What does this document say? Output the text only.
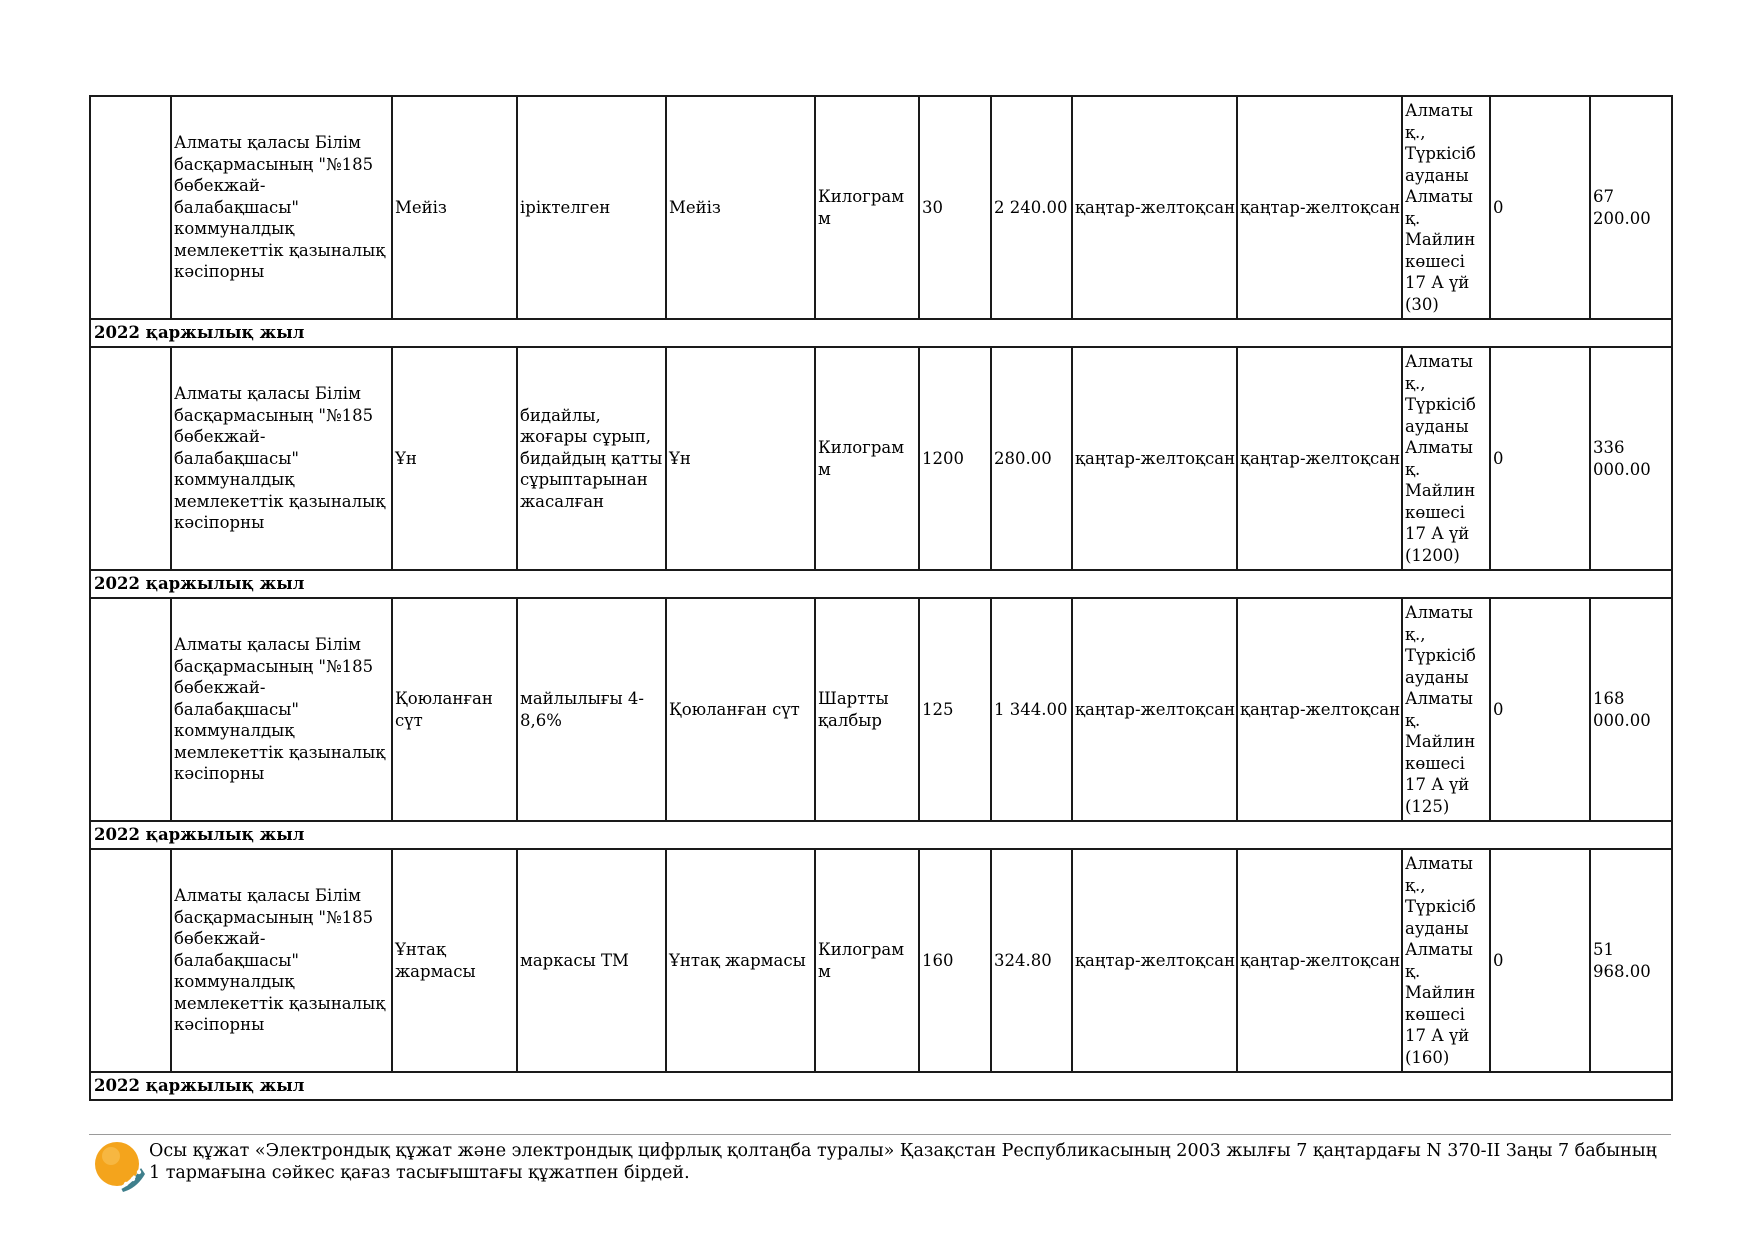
	Алматы қаласы Білім басқармасының "№185 бөбекжай-балабақшасы" коммуналдық мемлекеттік қазыналық кәсіпорны	Мейіз	іріктелген	Мейіз	Килограмм	30	2 240.00	қаңтар-желтоқсан	қаңтар-желтоқсан	Алматы қ., Түркісіб ауданы Алматы қ. Майлин көшесі 17 А үй (30)	0	67 200.00
2022 қаржылық жыл												
	Алматы қаласы Білім басқармасының "№185 бөбекжай-балабақшасы" коммуналдық мемлекеттік қазыналық кәсіпорны	Ұн	бидайлы, жоғары сұрып, бидайдың қатты сұрыптарынан жасалған	Ұн	Килограмм	1200	280.00	қаңтар-желтоқсан	қаңтар-желтоқсан	Алматы қ., Түркісіб ауданы Алматы қ. Майлин көшесі 17 А үй (1200)	0	336 000.00
2022 қаржылық жыл												
	Алматы қаласы Білім басқармасының "№185 бөбекжай-балабақшасы" коммуналдық мемлекеттік қазыналық кәсіпорны	Қоюланған сүт	майлылығы 4-8,6%	Қоюланған сүт	Шартты қалбыр	125	1 344.00	қаңтар-желтоқсан	қаңтар-желтоқсан	Алматы қ., Түркісіб ауданы Алматы қ. Майлин көшесі 17 А үй (125)	0	168 000.00
2022 қаржылық жыл												
	Алматы қаласы Білім басқармасының "№185 бөбекжай-балабақшасы" коммуналдық мемлекеттік қазыналық кәсіпорны	Ұнтақ жармасы	маркасы ТМ	Ұнтақ жармасы	Килограмм	160	324.80	қаңтар-желтоқсан	қаңтар-желтоқсан	Алматы қ., Түркісіб ауданы Алматы қ. Майлин көшесі 17 А үй (160)	0	51 968.00
2022 қаржылық жыл												
Осы құжат «Электрондық құжат және электрондық цифрлық қолтаңба туралы» Қазақстан Республикасының 2003 жылғы 7 қаңтардағы N 370-II Заңы 7 бабының 1 тармағына сәйкес қағаз тасығыштағы құжатпен бірдей.
